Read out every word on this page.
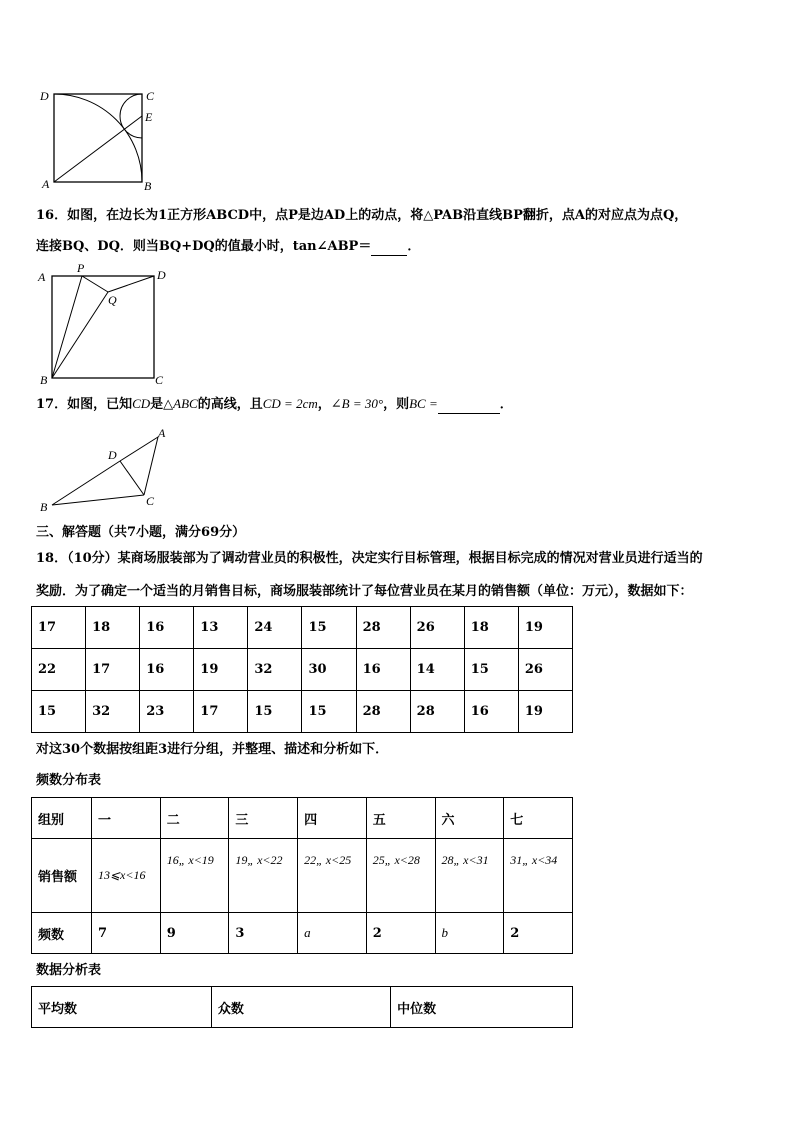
D	C
E
A	B
16．如图，在边长为1正方形ABCD中，点P是边AD上的动点，将△PAB沿直线BP翻折，点A的对应点为点Q，
连接BQ、DQ．则当BQ+DQ的值最小时，tan∠ABP＝	．
A
P	D
Q
B	C
17．如图，已知CD是△ABC的高线，且CD = 2cm，∠B = 30°，则BC =	．
A
D
B	C
三、解答题（共7小题，满分69分）
18．（10分）某商场服装部为了调动营业员的积极性，决定实行目标管理，根据目标完成的情况对营业员进行适当的
奖励．为了确定一个适当的月销售目标，商场服装部统计了每位营业员在某月的销售额（单位：万元），数据如下：
17	18	16	13	24	15	28	26	18	19
22	17	16	19	32	30	16	14	15	26
15	32	23	17	15	15	28	28	16	19
对这30个数据按组距3进行分组，并整理、描述和分析如下．
频数分布表
组别	一	二	三	四	五	六	七
销售额	13⩽x<16	16„ x<19	19„ x<22	22„ x<25	25„ x<28	28„ x<31	31„ x<34
频数	7	9	3	a	2	b	2
数据分析表
平均数	众数	中位数
